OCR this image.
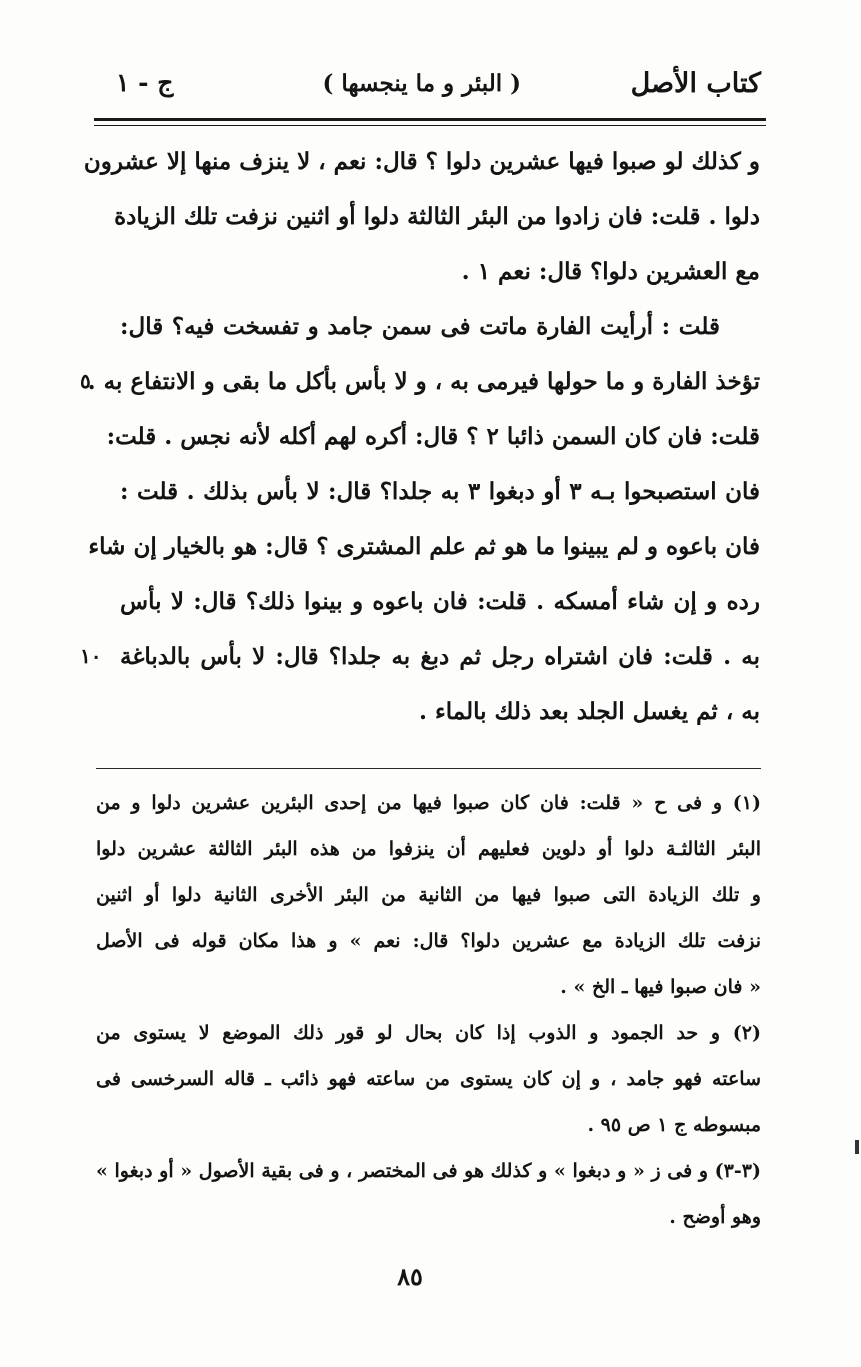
كتاب الأصل
( البئر و ما ينجسها )
ج - ١
و كذلك لو صبوا فيها عشرين دلوا ؟ قال: نعم ، لا ينزف منها إلا عشرون
دلوا . قلت: فان زادوا من البئر الثالثة دلوا أو اثنين نزفت تلك الزيادة
مع العشرين دلوا؟ قال: نعم ١ .
قلت : أرأيت الفارة ماتت فى سمن جامد و تفسخت فيه؟ قال:
تؤخذ الفارة و ما حولها فيرمى به ، و لا بأس بأكل ما بقى و الانتفاع به .
٥
قلت: فان كان السمن ذائبا ٢ ؟ قال: أكره لهم أكله لأنه نجس . قلت:
فان استصبحوا بـه ٣ أو دبغوا ٣ به جلدا؟ قال: لا بأس بذلك . قلت :
فان باعوه و لم يبينوا ما هو ثم علم المشترى ؟ قال: هو بالخيار إن شاء
رده و إن شاء أمسكه . قلت: فان باعوه و بينوا ذلك؟ قال: لا بأس
به . قلت: فان اشتراه رجل ثم دبغ به جلدا؟ قال: لا بأس بالدباغة
١٠
به ، ثم يغسل الجلد بعد ذلك بالماء .
(١) و فى ح « قلت: فان كان صبوا فيها من إحدى البئرين عشرين دلوا و من
البئر الثالثـة دلوا أو دلوين فعليهم أن ينزفوا من هذه البئر الثالثة عشرين دلوا
و تلك الزيادة التى صبوا فيها من الثانية من البئر الأخرى الثانية دلوا أو اثنين
نزفت تلك الزيادة مع عشرين دلوا؟ قال: نعم » و هذا مكان قوله فى الأصل
« فان صبوا فيها ـ الخ » .
(٢) و حد الجمود و الذوب إذا كان بحال لو قور ذلك الموضع لا يستوى من
ساعته فهو جامد ، و إن كان يستوى من ساعته فهو ذائب ـ قاله السرخسى فى
مبسوطه ج ١ ص ٩٥ .
(٣-٣) و فى ز « و دبغوا » و كذلك هو فى المختصر ، و فى بقية الأصول « أو دبغوا »
وهو أوضح .
٨٥
